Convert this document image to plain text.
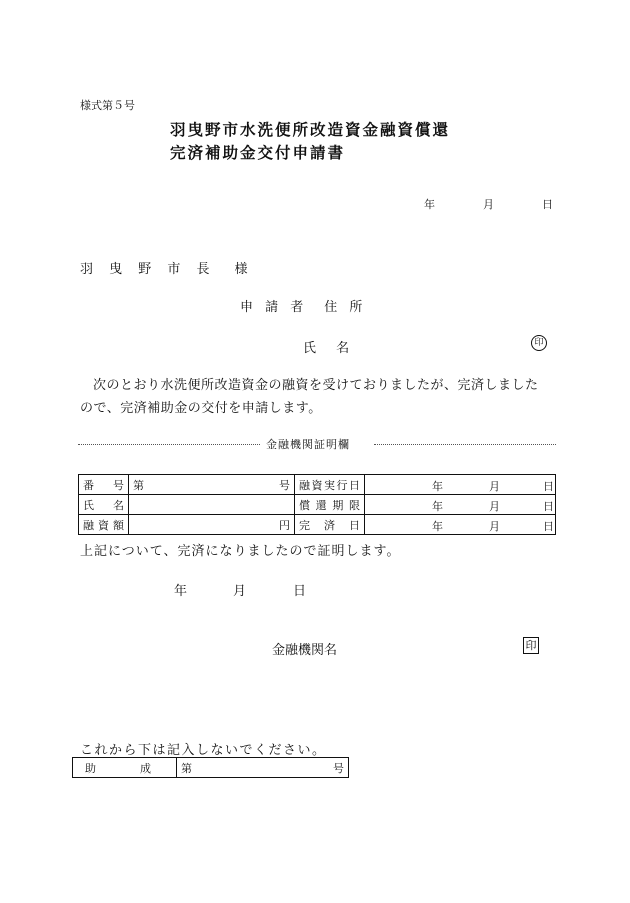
様式第５号
羽曳野市水洗便所改造資金融資償還
完済補助金交付申請書
年	月	日
羽 曳 野 市 長　様
申 請 者　住 所
氏 名	印
次のとおり水洗便所改造資金の融資を受けておりましたが、完済しましたので、完済補助金の交付を申請します。
金融機関証明欄
番　号	第 号	融資実行日	年 月 日

氏　名		償 還 期 限	年 月 日

融資額	円	完　済　日	年 月 日
上記について、完済になりましたので証明します。
年	月	日
金融機関名	印
これから下は記入しないでください。
助　　　　成	第	号
